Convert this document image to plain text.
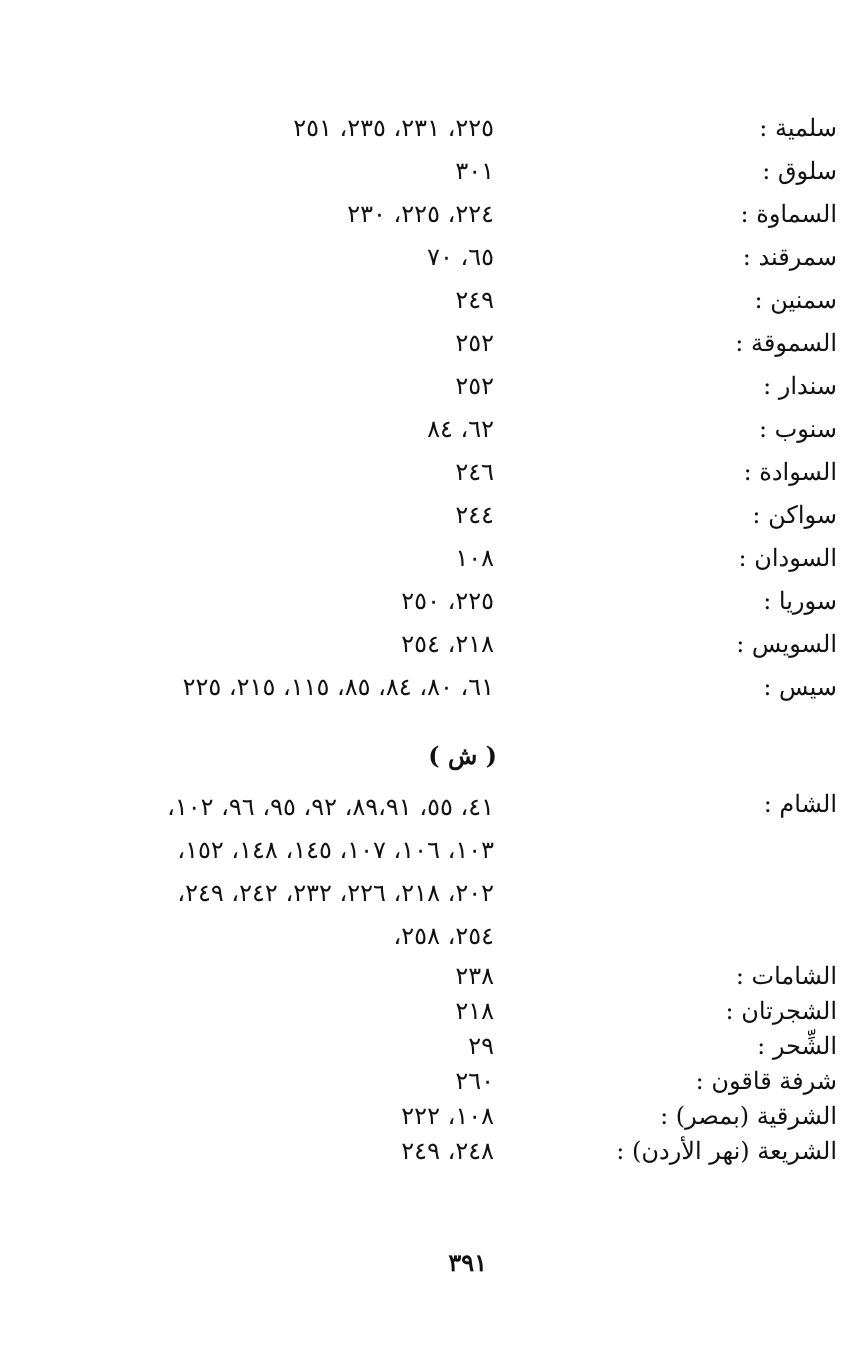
سلمية :
٢٢٥، ٢٣١، ٢٣٥، ٢٥١
سلوق :
٣٠١
السماوة :
٢٢٤، ٢٢٥، ٢٣٠
سمرقند :
٦٥، ٧٠
سمنين :
٢٤٩
السموقة :
٢٥٢
سندار :
٢٥٢
سنوب :
٦٢، ٨٤
السوادة :
٢٤٦
سواكن :
٢٤٤
السودان :
١٠٨
سوريا :
٢٢٥، ٢٥٠
السويس :
٢١٨، ٢٥٤
سيس :
٦١، ٨٠، ٨٤، ٨٥، ١١٥، ٢١٥، ٢٢٥
( ش )
الشام :
٤١، ٥٥، ٨٩،٩١، ٩٢، ٩٥، ٩٦، ١٠٢،
١٠٣، ١٠٦، ١٠٧، ١٤٥، ١٤٨، ١٥٢،
٢٠٢، ٢١٨، ٢٢٦، ٢٣٢، ٢٤٢، ٢٤٩،
٢٥٤، ٢٥٨،
الشامات :
٢٣٨
الشجرتان :
٢١٨
الشِّحر :
٢٩
شرفة قاقون :
٢٦٠
الشرقية (بمصر) :
١٠٨، ٢٢٢
الشريعة (نهر الأردن) :
٢٤٨، ٢٤٩
٣٩١
